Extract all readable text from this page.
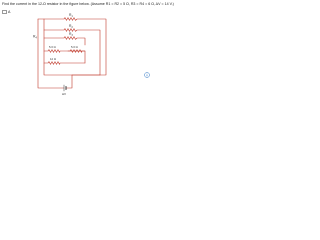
Find the current in the 12-Ω resistor in the figure below. (Assume R1 = R2 = 5 Ω, R3 = R4 = 6 Ω, ΔV = 14 V.)

A
$R_1$
$R_2$
$R_3$
$R_4$
5.0 Ω	5.0 Ω
12 Ω
ΔV
